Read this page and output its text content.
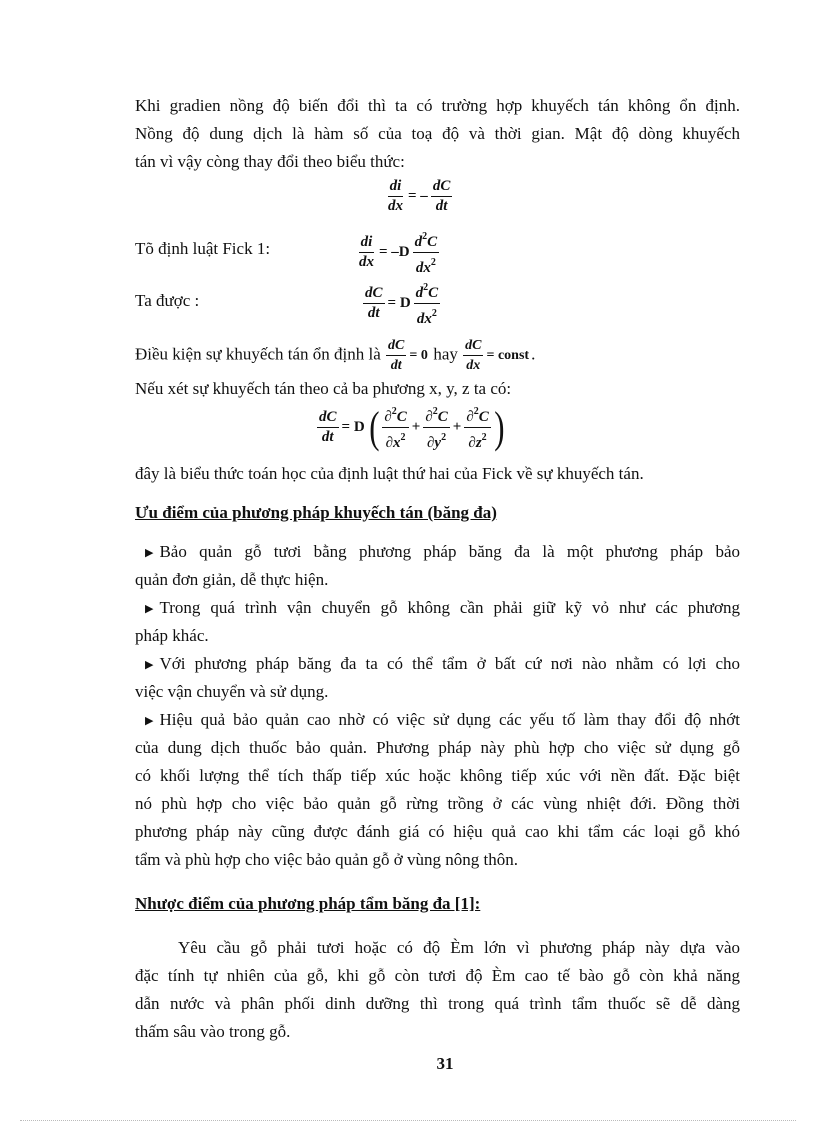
Khi gradien nồng độ biến đổi thì ta có trường hợp khuyếch tán không ổn định.
Nồng độ dung dịch là hàm số của toạ độ và thời gian. Mật độ dòng khuyếch
tán vì vậy còng thay đổi theo biểu thức:
$\frac{di}{dx}$ = – $\frac{dC}{dt}$
Tõ định luật Fick 1:	$\frac{di}{dx} = -D \frac{d^2C}{dx^2}$
Ta được :	$\frac{dC}{dt} = D \frac{d^2C}{dx^2}$
Điều kiện sự khuyếch tán ổn định là $\frac{dC}{dt} = 0$ hay $\frac{dC}{dx}$ = const .
Nếu xét sự khuyếch tán theo cả ba phương x, y, z ta có:
$\frac{dC}{dt} = D( \frac{\partial^2C}{\partial x^2} + \frac{\partial^2C}{\partial y^2} + \frac{\partial^2C}{\partial z^2}$ )
đây là biểu thức toán học của định luật thứ hai của Fick về sự khuyếch tán.
Ưu điểm của phương pháp khuyếch tán (băng đa)
▶ Bảo quản gỗ tươi bằng phương pháp băng đa là một phương pháp bảo
quản đơn giản, dễ thực hiện.
▶ Trong quá trình vận chuyển gỗ không cần phải giữ kỹ vỏ như các phương
pháp khác.
▶ Với phương pháp băng đa ta có thể tẩm ở bất cứ nơi nào nhằm có lợi cho
việc vận chuyển và sử dụng.
▶ Hiệu quả bảo quản cao nhờ có việc sử dụng các yếu tố làm thay đổi độ nhớt
của dung dịch thuốc bảo quản. Phương pháp này phù hợp cho việc sử dụng gỗ
có khối lượng thể tích thấp tiếp xúc hoặc không tiếp xúc với nền đất. Đặc biệt
nó phù hợp cho việc bảo quản gỗ rừng trồng ở các vùng nhiệt đới. Đồng thời
phương pháp này cũng được đánh giá có hiệu quả cao khi tẩm các loại gỗ khó
tẩm và phù hợp cho việc bảo quản gỗ ở vùng nông thôn.
Nhược điểm của phương pháp tẩm băng đa [1]:
Yêu cầu gỗ phải tươi hoặc có độ Èm lớn vì phương pháp này dựa vào
đặc tính tự nhiên của gỗ, khi gỗ còn tươi độ Èm cao tế bào gỗ còn khả năng
dẫn nước và phân phối dinh dưỡng thì trong quá trình tẩm thuốc sẽ dễ dàng
thấm sâu vào trong gỗ.
31
